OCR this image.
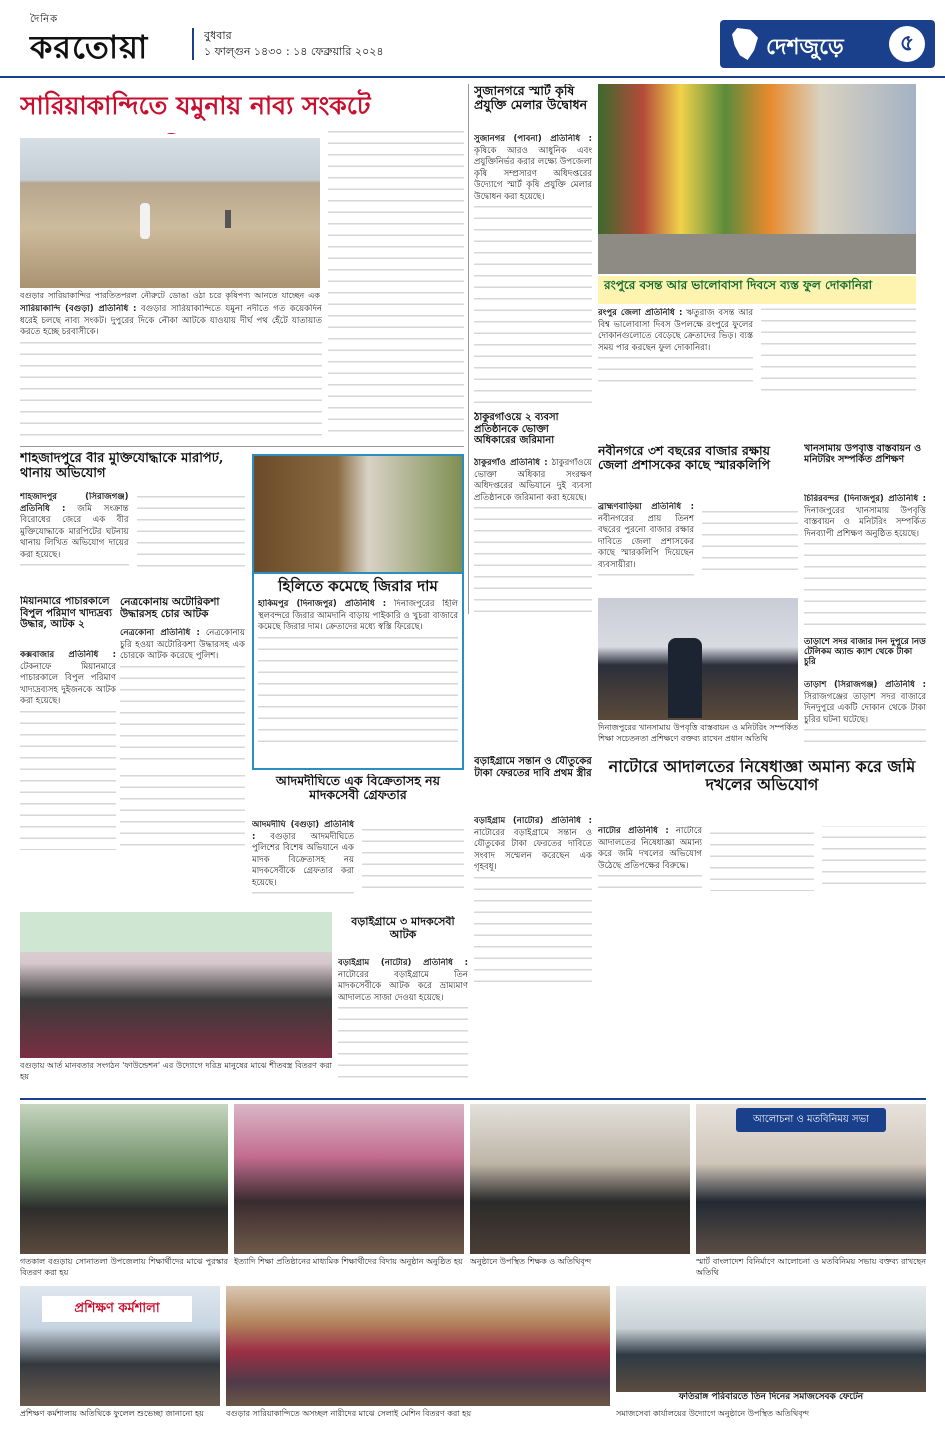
দৈনিক
করতোয়া	বুধবার
১ ফাল্গুন ১৪৩০ : ১৪ ফেব্রুয়ারি ২০২৪	দেশজুড়ে	৫
সারিয়াকান্দিতে যমুনায় নাব্য সংকটে
বগুড়ার সারিয়াকান্দির পারতিতপরল নৌরুটে ডোঙা ওঠা চরে কৃষিপণ্য আনতে যাচ্ছেন এক
সারিয়াকান্দি (বগুড়া) প্রতিনিধি : বগুড়ার সারিয়াকান্দিতে যমুনা নদীতে গত কয়েকদিন ধরেই চলছে নাব্য সংকট। দুপুরের দিকে নৌকা আটকে যাওয়ায় দীর্ঘ পথ হেঁটে যাতায়াত করতে হচ্ছে চরবাসীকে।
সুজানগরে স্মার্ট কৃষি প্রযুক্তি মেলার উদ্বোধন
সুজানগর (পাবনা) প্রতিনিধি : কৃষিকে আরও আধুনিক এবং প্রযুক্তিনির্ভর করার লক্ষ্যে উপজেলা কৃষি সম্প্রসারণ অধিদপ্তরের উদ্যোগে স্মার্ট কৃষি প্রযুক্তি মেলার উদ্বোধন করা হয়েছে।
রংপুরে বসন্ত আর ভালোবাসা দিবসে ব্যস্ত ফুল দোকানিরা
রংপুর জেলা প্রতিনিধি : ঋতুরাজ বসন্ত আর বিশ্ব ভালোবাসা দিবস উপলক্ষে রংপুরে ফুলের দোকানগুলোতে বেড়েছে ক্রেতাদের ভিড়। ব্যস্ত সময় পার করছেন ফুল দোকানিরা।
ঠাকুরগাঁওয়ে ২ ব্যবসা প্রতিষ্ঠানকে ভোক্তা অধিকারের জরিমানা
ঠাকুরগাঁও প্রতিনিধি : ঠাকুরগাঁওয়ে ভোক্তা অধিকার সংরক্ষণ অধিদপ্তরের অভিযানে দুই ব্যবসা প্রতিষ্ঠানকে জরিমানা করা হয়েছে।
শাহজাদপুরে বীর মুক্তিযোদ্ধাকে মারপিট, থানায় অভিযোগ
শাহজাদপুর (সিরাজগঞ্জ) প্রতিনিধি : জমি সংক্রান্ত বিরোধের জেরে এক বীর মুক্তিযোদ্ধাকে মারপিটের ঘটনায় থানায় লিখিত অভিযোগ দায়ের করা হয়েছে।
নেত্রকোনায় অটোরিকশা উদ্ধারসহ চোর আটক
নেত্রকোনা প্রতিনিধি : নেত্রকোনায় চুরি হওয়া অটোরিকশা উদ্ধারসহ এক চোরকে আটক করেছে পুলিশ।
মিয়ানমারে পাচারকালে বিপুল পরিমাণ খাদ্যদ্রব্য উদ্ধার, আটক ২
কক্সবাজার প্রতিনিধি : টেকনাফে মিয়ানমারে পাচারকালে বিপুল পরিমাণ খাদ্যদ্রব্যসহ দুইজনকে আটক করা হয়েছে।
হিলিতে কমেছে জিরার দাম
হাকিমপুর (দিনাজপুর) প্রতিনিধি : দিনাজপুরের হিলি স্থলবন্দরে জিরার আমদানি বাড়ায় পাইকারি ও খুচরা বাজারে কমেছে জিরার দাম। ক্রেতাদের মধ্যে স্বস্তি ফিরেছে।
আদমদীঘিতে এক বিক্রেতাসহ নয় মাদকসেবী গ্রেফতার
আদমদীঘি (বগুড়া) প্রতিনিধি : বগুড়ার আদমদীঘিতে পুলিশের বিশেষ অভিযানে এক মাদক বিক্রেতাসহ নয় মাদকসেবীকে গ্রেফতার করা হয়েছে।
নবীনগরে ৩শ বছরের বাজার রক্ষায় জেলা প্রশাসকের কাছে স্মারকলিপি
ব্রাহ্মণবাড়িয়া প্রতিনিধি : নবীনগরের প্রায় তিনশ বছরের পুরনো বাজার রক্ষার দাবিতে জেলা প্রশাসকের কাছে স্মারকলিপি দিয়েছেন ব্যবসায়ীরা।
দিনাজপুরের খানসামায় উপবৃত্তি বাস্তবায়ন ও মনিটরিং সম্পর্কিত শিক্ষা সচেতনতা প্রশিক্ষণে বক্তব্য রাখেন প্রধান অতিথি
খানসামায় উপবৃত্তি বাস্তবায়ন ও মনিটরিং সম্পর্কিত প্রশিক্ষণ
চিরিরবন্দর (দিনাজপুর) প্রতিনিধি : দিনাজপুরের খানসামায় উপবৃত্তি বাস্তবায়ন ও মনিটরিং সম্পর্কিত দিনব্যাপী প্রশিক্ষণ অনুষ্ঠিত হয়েছে।
তাড়াশে সদর বাজার দিন দুপুরে নিউ টেলিকম অ্যান্ড ক্যাশ থেকে টাকা চুরি
তাড়াশ (সিরাজগঞ্জ) প্রতিনিধি : সিরাজগঞ্জের তাড়াশ সদর বাজারে দিনদুপুরে একটি দোকান থেকে টাকা চুরির ঘটনা ঘটেছে।
বড়াইগ্রামে সন্তান ও যৌতুকের টাকা ফেরতের দাবি প্রথম স্ত্রীর
বড়াইগ্রাম (নাটোর) প্রতিনিধি : নাটোরের বড়াইগ্রামে সন্তান ও যৌতুকের টাকা ফেরতের দাবিতে সংবাদ সম্মেলন করেছেন এক গৃহবধূ।
নাটোরে আদালতের নিষেধাজ্ঞা অমান্য করে জমি দখলের অভিযোগ
নাটোর প্রতিনিধি : নাটোরে আদালতের নিষেধাজ্ঞা অমান্য করে জমি দখলের অভিযোগ উঠেছে প্রতিপক্ষের বিরুদ্ধে।
বগুড়ায় আর্ত মানবতার সংগঠন 'ফাউন্ডেশন' এর উদ্যোগে দরিদ্র মানুষের মাঝে শীতবস্ত্র বিতরণ করা হয়
বড়াইগ্রামে ৩ মাদকসেবী আটক
বড়াইগ্রাম (নাটোর) প্রতিনিধি : নাটোরের বড়াইগ্রামে তিন মাদকসেবীকে আটক করে ভ্রাম্যমাণ আদালতে সাজা দেওয়া হয়েছে।
গতকাল বগুড়ায় সোনাতলা উপজেলায় শিক্ষার্থীদের মাঝে পুরস্কার বিতরণ করা হয়
ইত্যাদি শিক্ষা প্রতিষ্ঠানের মাধ্যমিক শিক্ষার্থীদের বিদায় অনুষ্ঠান অনুষ্ঠিত হয় অনুষ্ঠানে উপস্থিত শিক্ষক ও অতিথিবৃন্দ
আলোচনা ও মতবিনিময় সভা
স্মার্ট বাংলাদেশ বিনির্মাণে আলোচনা ও মতবিনিময় সভায় বক্তব্য রাখছেন অতিথি
প্রশিক্ষণ কর্মশালা
প্রশিক্ষণ কর্মশালায় অতিথিকে ফুলেল শুভেচ্ছা জানানো হয়	বগুড়ার সারিয়াকান্দিতে অসচ্ছল নারীদের মাঝে সেলাই মেশিন বিতরণ করা হয়
ফতিরাঙ্গ পরিবারতে তিন দিনের সমাজসেবক ফেটেন
সমাজসেবা কার্যালয়ের উদ্যোগে অনুষ্ঠানে উপস্থিত অতিথিবৃন্দ
